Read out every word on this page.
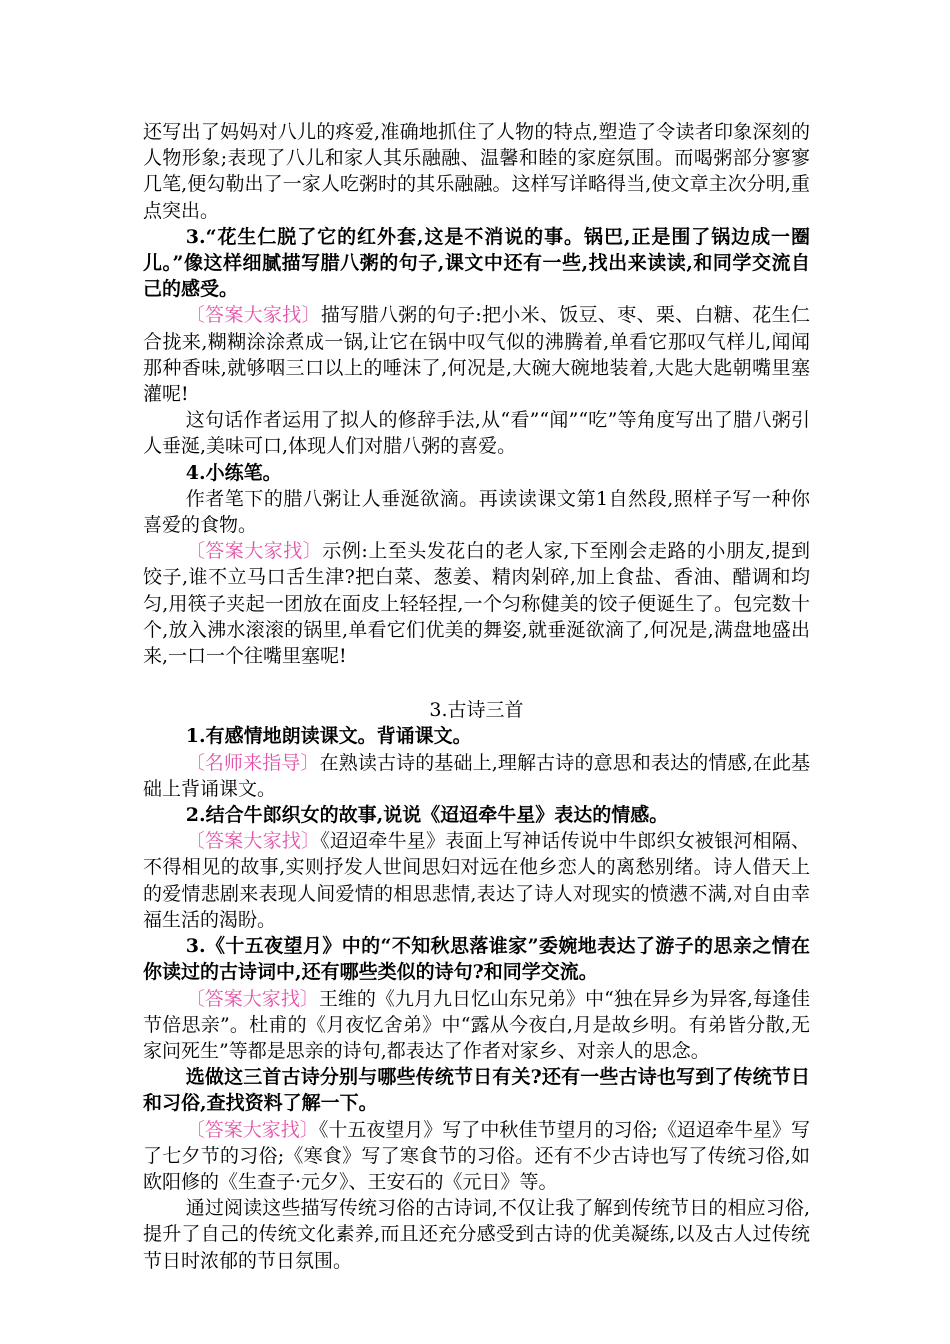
还写出了妈妈对八儿的疼爱,准确地抓住了人物的特点,塑造了令读者印象深刻的人物形象;表现了八儿和家人其乐融融、温馨和睦的家庭氛围。而喝粥部分寥寥几笔,便勾勒出了一家人吃粥时的其乐融融。这样写详略得当,使文章主次分明,重点突出。

3.“花生仁脱了它的红外套,这是不消说的事。锅巴,正是围了锅边成一圈儿。”像这样细腻描写腊八粥的句子,课文中还有一些,找出来读读,和同学交流自己的感受。

〔答案大家找〕描写腊八粥的句子:把小米、饭豆、枣、栗、白糖、花生仁合拢来,糊糊涂涂煮成一锅,让它在锅中叹气似的沸腾着,单看它那叹气样儿,闻闻那种香味,就够咽三口以上的唾沫了,何况是,大碗大碗地装着,大匙大匙朝嘴里塞灌呢!

这句话作者运用了拟人的修辞手法,从“看”“闻”“吃”等角度写出了腊八粥引人垂涎,美味可口,体现人们对腊八粥的喜爱。

4.小练笔。

作者笔下的腊八粥让人垂涎欲滴。再读读课文第1自然段,照样子写一种你喜爱的食物。

〔答案大家找〕示例:上至头发花白的老人家,下至刚会走路的小朋友,提到饺子,谁不立马口舌生津?把白菜、葱姜、精肉剁碎,加上食盐、香油、醋调和均匀,用筷子夹起一团放在面皮上轻轻捏,一个匀称健美的饺子便诞生了。包完数十个,放入沸水滚滚的锅里,单看它们优美的舞姿,就垂涎欲滴了,何况是,满盘地盛出来,一口一个往嘴里塞呢!

3.古诗三首

1.有感情地朗读课文。背诵课文。

〔名师来指导〕在熟读古诗的基础上,理解古诗的意思和表达的情感,在此基础上背诵课文。

2.结合牛郎织女的故事,说说《迢迢牵牛星》表达的情感。

〔答案大家找〕《迢迢牵牛星》表面上写神话传说中牛郎织女被银河相隔、不得相见的故事,实则抒发人世间思妇对远在他乡恋人的离愁别绪。诗人借天上的爱情悲剧来表现人间爱情的相思悲情,表达了诗人对现实的愤懑不满,对自由幸福生活的渴盼。

3.《十五夜望月》中的“不知秋思落谁家”委婉地表达了游子的思亲之情在你读过的古诗词中,还有哪些类似的诗句?和同学交流。

〔答案大家找〕王维的《九月九日忆山东兄弟》中“独在异乡为异客,每逢佳节倍思亲”。杜甫的《月夜忆舍弟》中“露从今夜白,月是故乡明。有弟皆分散,无家问死生”等都是思亲的诗句,都表达了作者对家乡、对亲人的思念。

选做这三首古诗分别与哪些传统节日有关?还有一些古诗也写到了传统节日和习俗,查找资料了解一下。

〔答案大家找〕《十五夜望月》写了中秋佳节望月的习俗;《迢迢牵牛星》写了七夕节的习俗;《寒食》写了寒食节的习俗。还有不少古诗也写了传统习俗,如欧阳修的《生查子·元夕》、王安石的《元日》等。

通过阅读这些描写传统习俗的古诗词,不仅让我了解到传统节日的相应习俗,提升了自己的传统文化素养,而且还充分感受到古诗的优美凝练,以及古人过传统节日时浓郁的节日氛围。
